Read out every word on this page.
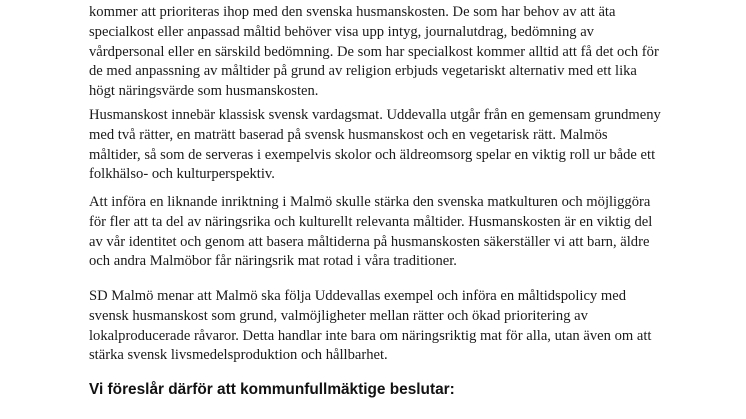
kommer att prioriteras ihop med den svenska husmanskosten. De som har behov av att äta
specialkost eller anpassad måltid behöver visa upp intyg, journalutdrag, bedömning av
vårdpersonal eller en särskild bedömning. De som har specialkost kommer alltid att få det och för
de med anpassning av måltider på grund av religion erbjuds vegetariskt alternativ med ett lika
högt näringsvärde som husmanskosten.

Husmanskost innebär klassisk svensk vardagsmat. Uddevalla utgår från en gemensam grundmeny
med två rätter, en maträtt baserad på svensk husmanskost och en vegetarisk rätt. Malmös
måltider, så som de serveras i exempelvis skolor och äldreomsorg spelar en viktig roll ur både ett
folkhälso- och kulturperspektiv.

Att införa en liknande inriktning i Malmö skulle stärka den svenska matkulturen och möjliggöra
för fler att ta del av näringsrika och kulturellt relevanta måltider. Husmanskosten är en viktig del
av vår identitet och genom att basera måltiderna på husmanskosten säkerställer vi att barn, äldre
och andra Malmöbor får näringsrik mat rotad i våra traditioner.

SD Malmö menar att Malmö ska följa Uddevallas exempel och införa en måltidspolicy med
svensk husmanskost som grund, valmöjligheter mellan rätter och ökad prioritering av
lokalproducerade råvaror. Detta handlar inte bara om näringsriktig mat för alla, utan även om att
stärka svensk livsmedelsproduktion och hållbarhet.

Vi föreslår därför att kommunfullmäktige beslutar:
